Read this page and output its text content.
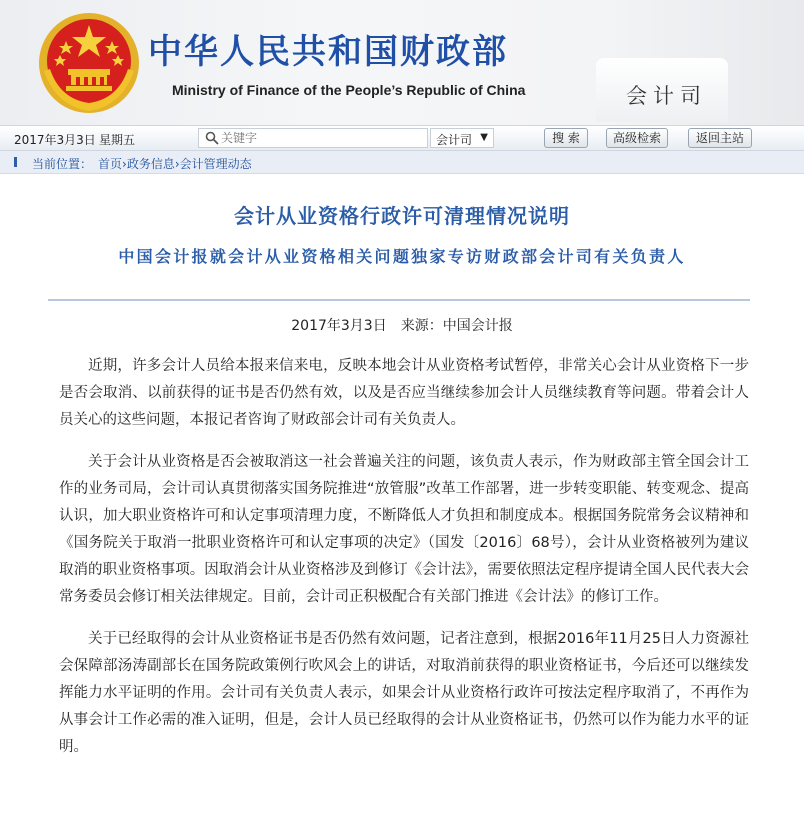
中华人民共和国财政部
Ministry of Finance of the People’s Republic of China	会计司
2017年3月3日 星期五
关键字	会计司 ▼	搜 索	高级检索	返回主站
当前位置： 首页›政务信息›会计管理动态
会计从业资格行政许可清理情况说明
中国会计报就会计从业资格相关问题独家专访财政部会计司有关负责人
2017年3月3日 来源：中国会计报

近期，许多会计人员给本报来信来电，反映本地会计从业资格考试暂停，非常关心会计从业资格下一步是否会取消、以前获得的证书是否仍然有效，以及是否应当继续参加会计人员继续教育等问题。带着会计人员关心的这些问题，本报记者咨询了财政部会计司有关负责人。

关于会计从业资格是否会被取消这一社会普遍关注的问题，该负责人表示，作为财政部主管全国会计工作的业务司局，会计司认真贯彻落实国务院推进“放管服”改革工作部署，进一步转变职能、转变观念、提高认识，加大职业资格许可和认定事项清理力度，不断降低人才负担和制度成本。根据国务院常务会议精神和《国务院关于取消一批职业资格许可和认定事项的决定》（国发〔2016〕68号），会计从业资格被列为建议取消的职业资格事项。因取消会计从业资格涉及到修订《会计法》，需要依照法定程序提请全国人民代表大会常务委员会修订相关法律规定。目前，会计司正积极配合有关部门推进《会计法》的修订工作。

关于已经取得的会计从业资格证书是否仍然有效问题，记者注意到，根据2016年11月25日人力资源社会保障部汤涛副部长在国务院政策例行吹风会上的讲话，对取消前获得的职业资格证书，今后还可以继续发挥能力水平证明的作用。会计司有关负责人表示，如果会计从业资格行政许可按法定程序取消了，不再作为从事会计工作必需的准入证明，但是，会计人员已经取得的会计从业资格证书，仍然可以作为能力水平的证明。
